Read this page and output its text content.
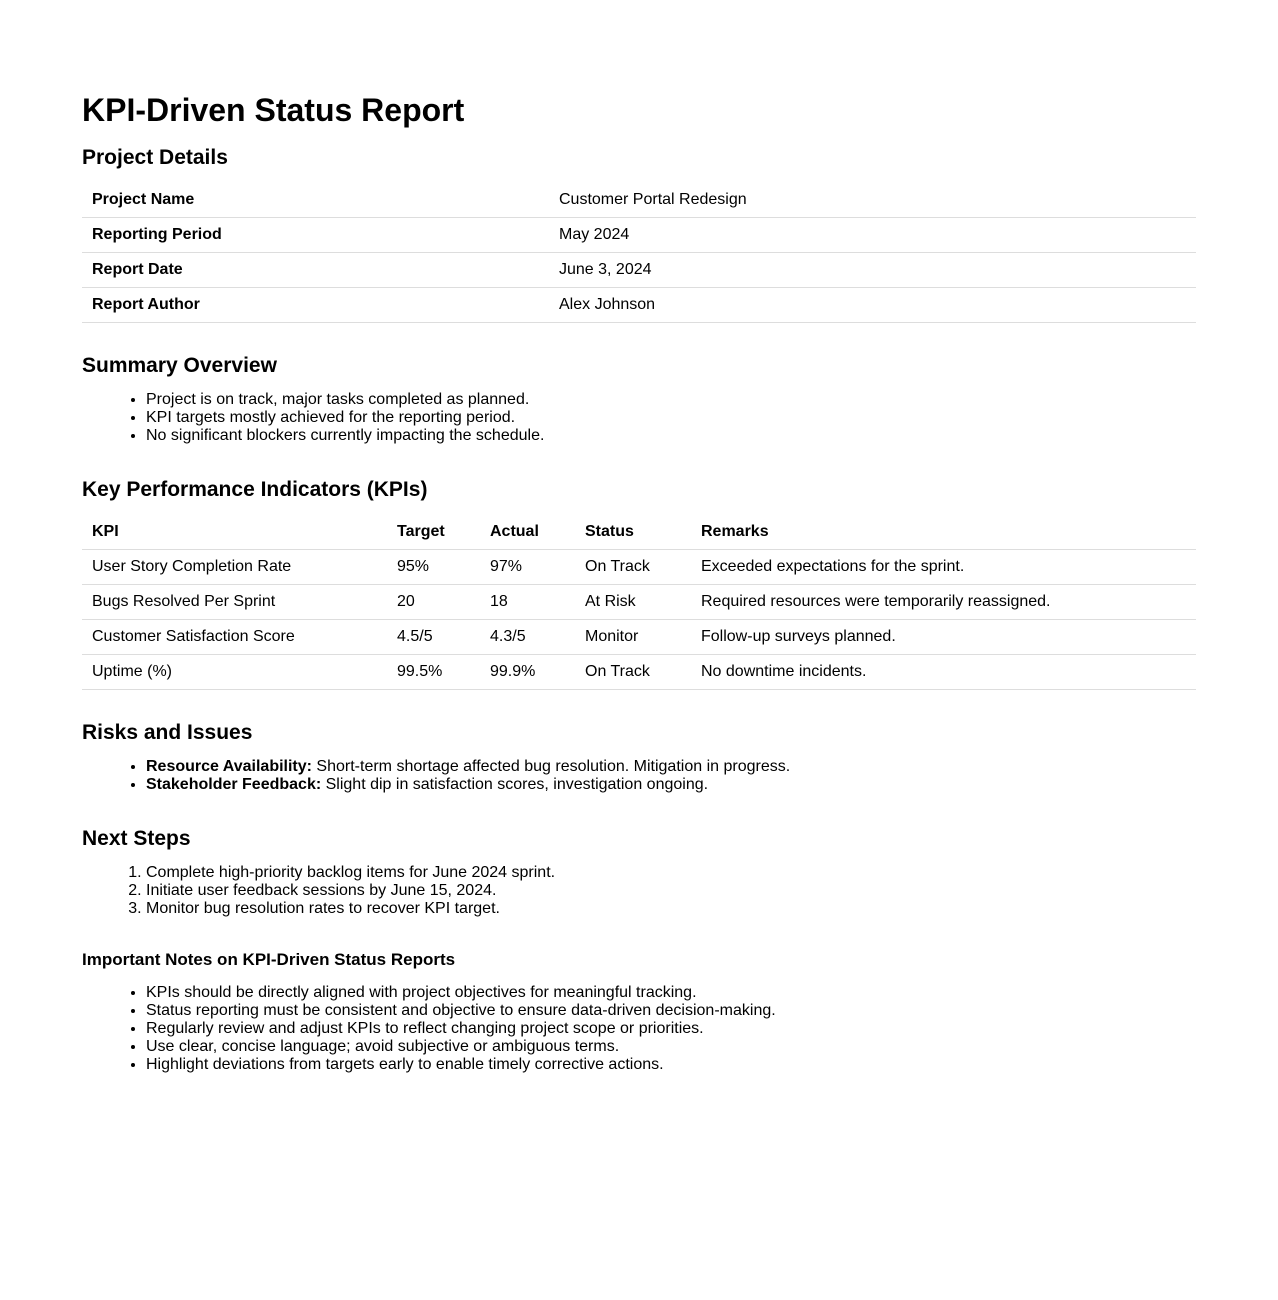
KPI-Driven Status Report
Project Details
Project Name	Customer Portal Redesign
Reporting Period	May 2024
Report Date	June 3, 2024
Report Author	Alex Johnson
Summary Overview
• Project is on track, major tasks completed as planned.
• KPI targets mostly achieved for the reporting period.
• No significant blockers currently impacting the schedule.
Key Performance Indicators (KPIs)
KPI	Target	Actual	Status	Remarks
User Story Completion Rate	95%	97%	On Track	Exceeded expectations for the sprint.
Bugs Resolved Per Sprint	20	18	At Risk	Required resources were temporarily reassigned.
Customer Satisfaction Score	4.5/5	4.3/5	Monitor	Follow-up surveys planned.
Uptime (%)	99.5%	99.9%	On Track	No downtime incidents.
Risks and Issues
• Resource Availability: Short-term shortage affected bug resolution. Mitigation in progress.
• Stakeholder Feedback: Slight dip in satisfaction scores, investigation ongoing.
Next Steps
1. Complete high-priority backlog items for June 2024 sprint.
2. Initiate user feedback sessions by June 15, 2024.
3. Monitor bug resolution rates to recover KPI target.
Important Notes on KPI-Driven Status Reports
• KPIs should be directly aligned with project objectives for meaningful tracking.
• Status reporting must be consistent and objective to ensure data-driven decision-making.
• Regularly review and adjust KPIs to reflect changing project scope or priorities.
• Use clear, concise language; avoid subjective or ambiguous terms.
• Highlight deviations from targets early to enable timely corrective actions.
